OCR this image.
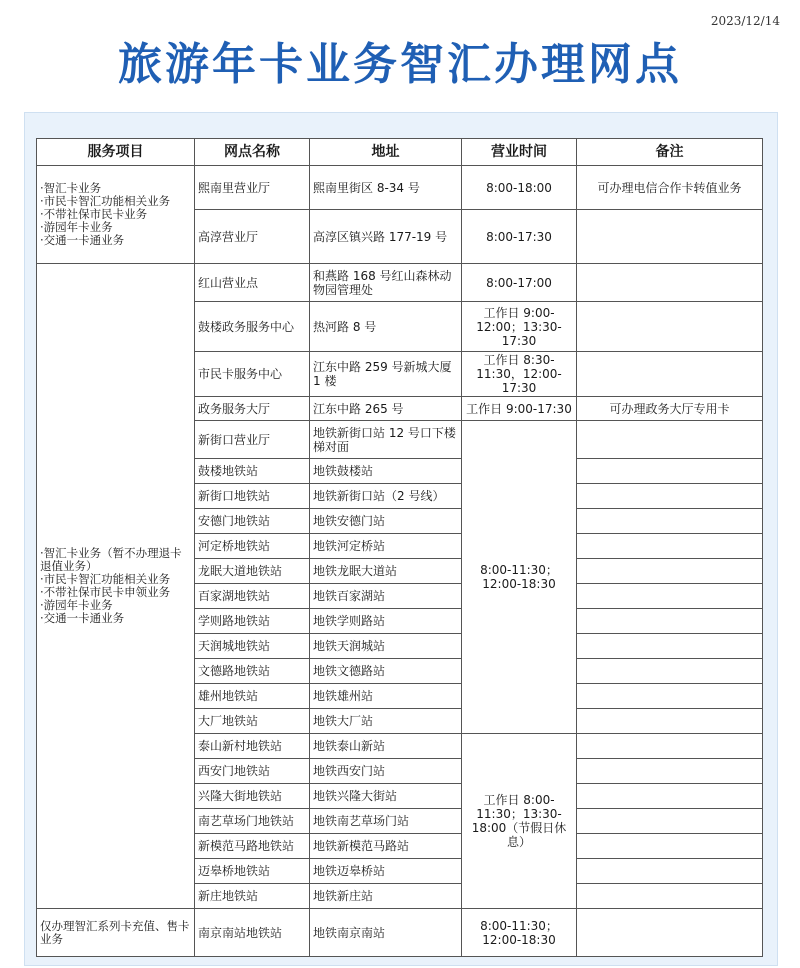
2023/12/14
旅游年卡业务智汇办理网点
服务项目	网点名称	地址	营业时间	备注

·智汇卡业务
·市民卡智汇功能相关业务
·不带社保市民卡业务
·游园年卡业务
·交通一卡通业务	熙南里营业厅	熙南里街区 8-34 号	8:00-18:00	可办理电信合作卡转值业务
	高淳营业厅	高淳区镇兴路 177-19 号	8:00-17:30	

·智汇卡业务（暂不办理退卡退值业务）
·市民卡智汇功能相关业务
·不带社保市民卡申领业务
·游园年卡业务
·交通一卡通业务	红山营业点	和燕路 168 号红山森林动物园管理处	8:00-17:00	
	鼓楼政务服务中心	热河路 8 号	工作日 9:00-12:00；13:30-17:30	
	市民卡服务中心	江东中路 259 号新城大厦 1 楼	工作日 8:30-11:30，12:00-17:30	
	政务服务大厅	江东中路 265 号	工作日 9:00-17:30	可办理政务大厅专用卡
	新街口营业厅	地铁新街口站 12 号口下楼梯对面	8:00-11:30；12:00-18:30	
	鼓楼地铁站	地铁鼓楼站		
	新街口地铁站	地铁新街口站（2 号线）		
	安德门地铁站	地铁安德门站		
	河定桥地铁站	地铁河定桥站		
	龙眠大道地铁站	地铁龙眠大道站		
	百家湖地铁站	地铁百家湖站		
	学则路地铁站	地铁学则路站		
	天润城地铁站	地铁天润城站		
	文德路地铁站	地铁文德路站		
	雄州地铁站	地铁雄州站		
	大厂地铁站	地铁大厂站		
	泰山新村地铁站	地铁泰山新站	工作日 8:00-11:30；13:30-18:00（节假日休息）	
	西安门地铁站	地铁西安门站		
	兴隆大街地铁站	地铁兴隆大街站		
	南艺草场门地铁站	地铁南艺草场门站		
	新模范马路地铁站	地铁新模范马路站		
	迈皋桥地铁站	地铁迈皋桥站		
	新庄地铁站	地铁新庄站		

仅办理智汇系列卡充值、售卡业务	南京南站地铁站	地铁南京南站	8:00-11:30；12:00-18:30	
